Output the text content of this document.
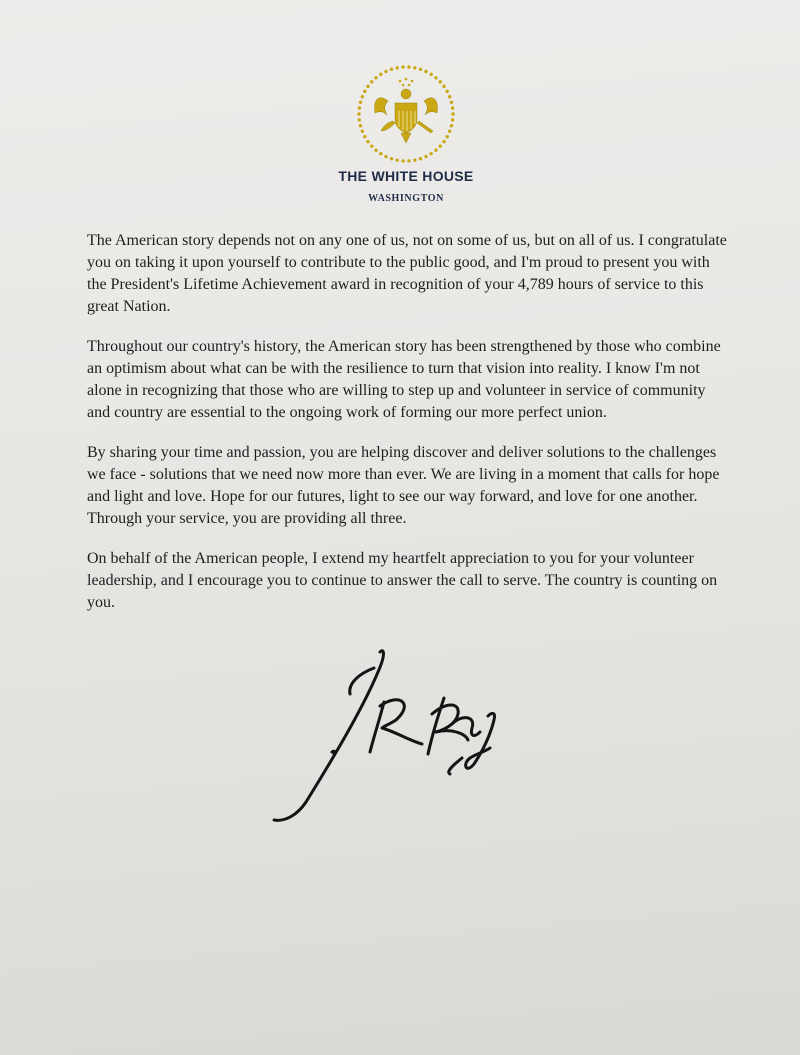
THE WHITE HOUSE
WASHINGTON

The American story depends not on any one of us, not on some of us, but on all of us. I congratulate you on taking it upon yourself to contribute to the public good, and I'm proud to present you with the President's Lifetime Achievement award in recognition of your 4,789 hours of service to this great Nation.

Throughout our country's history, the American story has been strengthened by those who combine an optimism about what can be with the resilience to turn that vision into reality. I know I'm not alone in recognizing that those who are willing to step up and volunteer in service of community and country are essential to the ongoing work of forming our more perfect union.

By sharing your time and passion, you are helping discover and deliver solutions to the challenges we face - solutions that we need now more than ever. We are living in a moment that calls for hope and light and love. Hope for our futures, light to see our way forward, and love for one another. Through your service, you are providing all three.

On behalf of the American people, I extend my heartfelt appreciation to you for your volunteer leadership, and I encourage you to continue to answer the call to serve. The country is counting on you.
